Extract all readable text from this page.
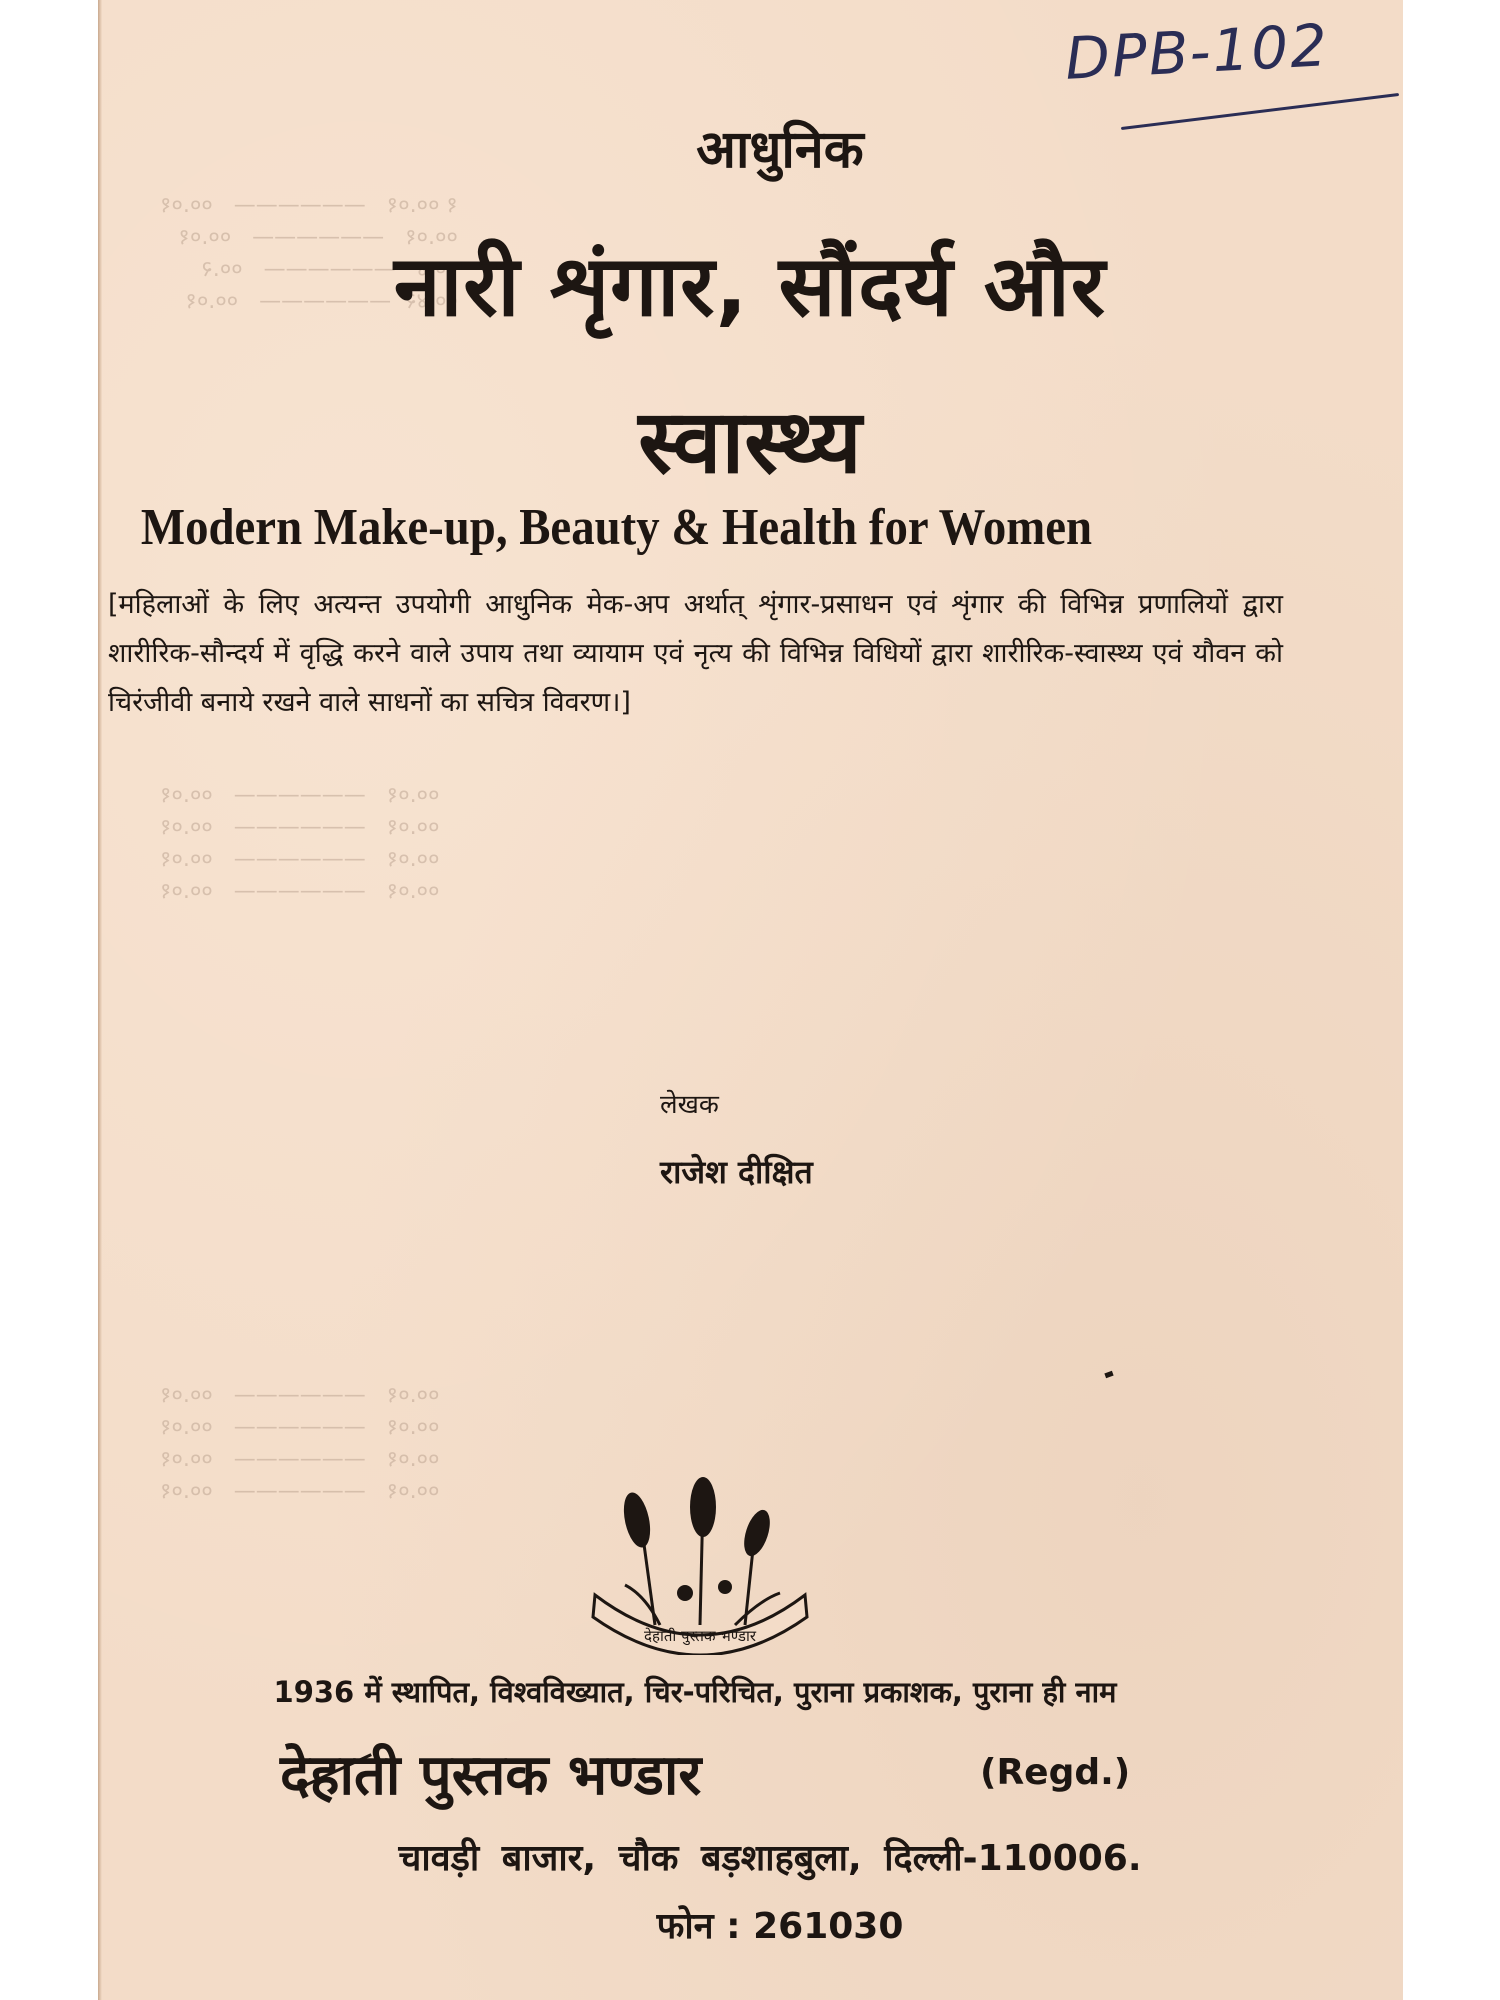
१ ००.०१   ——————   ००.०१
००.०१   ——————   ००.०१
००.४   ——————   ००.२
००.४२  ——————   ००.०१
००.०१   ——————   ००.०१
००.०१   ——————   ००.०१
००.०१   ——————   ००.०१
००.०१   ——————   ००.०१
००.०१   ——————   ००.०१
००.०१   ——————   ००.०१
००.०१   ——————   ००.०१
००.०१   ——————   ००.०१
DPB-102
आधुनिक
नारी शृंगार, सौंदर्य और
स्वास्थ्य
Modern Make-up, Beauty & Health for Women
[महिलाओं के लिए अत्यन्त उपयोगी आधुनिक मेक-अप अर्थात् शृंगार-प्रसाधन एवं शृंगार की विभिन्न प्रणालियों द्वारा शारीरिक-सौन्दर्य में वृद्धि करने वाले उपाय तथा व्यायाम एवं नृत्य की विभिन्न विधियों द्वारा शारीरिक-स्वास्थ्य एवं यौवन को चिरंजीवी बनाये रखने वाले साधनों का सचित्र विवरण।]
लेखक
राजेश दीक्षित
देहाती पुस्तक भण्डार
1936 में स्थापित, विश्वविख्यात, चिर-परिचित, पुराना प्रकाशक, पुराना ही नाम
देहाती पुस्तक भण्डार	(Regd.)
चावड़ी बाजार, चौक बड़शाहबुला, दिल्ली-110006.
फोन : 261030
